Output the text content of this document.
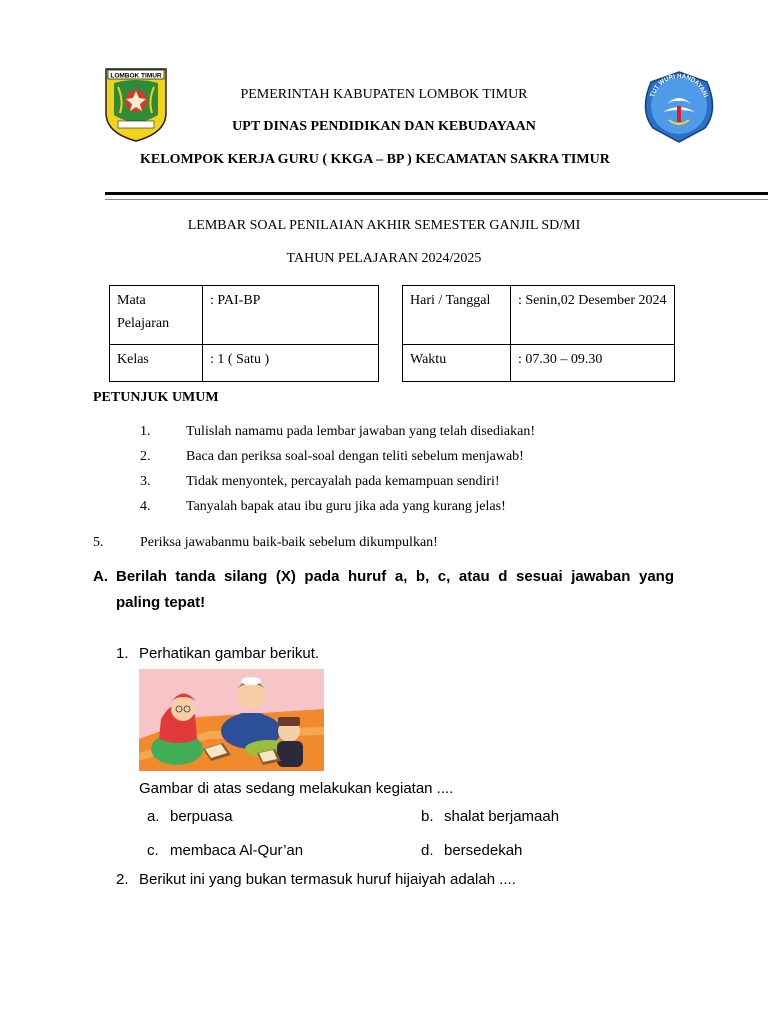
LOMBOK TIMUR
TUT WURI HANDAYANI
PEMERINTAH KABUPATEN LOMBOK TIMUR
UPT DINAS PENDIDIKAN DAN KEBUDAYAAN
KELOMPOK KERJA GURU ( KKGA – BP ) KECAMATAN SAKRA TIMUR
LEMBAR SOAL PENILAIAN AKHIR SEMESTER GANJIL SD/MI
TAHUN PELAJARAN 2024/2025
Mata Pelajaran	: PAI-BP
Kelas	: 1 ( Satu )
Hari / Tanggal	: Senin,02 Desember 2024
Waktu	: 07.30 – 09.30
PETUNJUK UMUM
1.	Tulislah namamu pada lembar jawaban yang telah disediakan!
2.	Baca dan periksa soal-soal dengan teliti sebelum menjawab!
3.	Tidak menyontek, percayalah pada kemampuan sendiri!
4.	Tanyalah bapak atau ibu guru jika ada yang kurang jelas!
5.	Periksa jawabanmu baik-baik sebelum dikumpulkan!
A. Berilah tanda silang (X) pada huruf a, b, c, atau d sesuai jawaban yang
paling tepat!
1. Perhatikan gambar berikut.
Gambar di atas sedang melakukan kegiatan ....
a. berpuasa	b. shalat berjamaah
c. membaca Al-Qur’an	d. bersedekah
2. Berikut ini yang bukan termasuk huruf hijaiyah adalah ....
